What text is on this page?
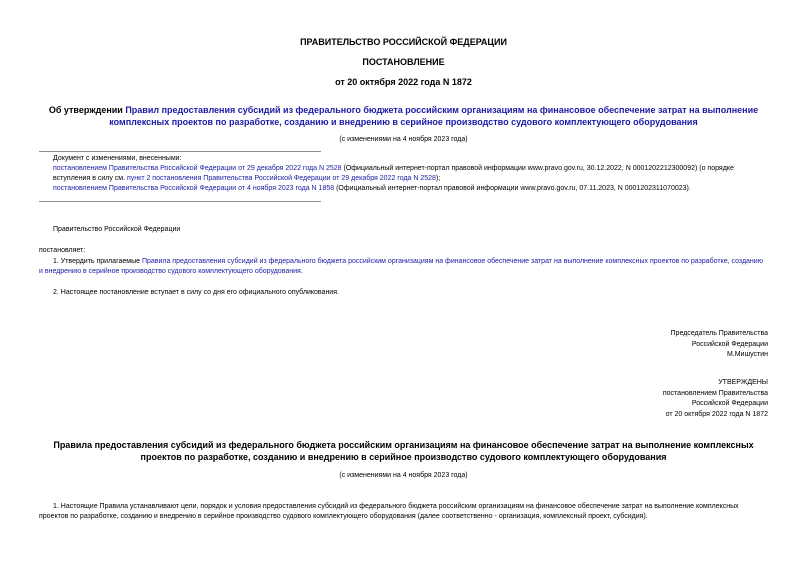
ПРАВИТЕЛЬСТВО РОССИЙСКОЙ ФЕДЕРАЦИИ
ПОСТАНОВЛЕНИЕ
от 20 октября 2022 года N 1872
Об утверждении Правил предоставления субсидий из федерального бюджета российским организациям на финансовое обеспечение затрат на выполнение комплексных проектов по разработке, созданию и внедрению в серийное производство судового комплектующего оборудования
(с изменениями на 4 ноября 2023 года)
Документ с изменениями, внесенными:
постановлением Правительства Российской Федерации от 29 декабря 2022 года N 2528 (Официальный интернет-портал правовой информации www.pravo.gov.ru, 30.12.2022, N 0001202212300092) (о порядке вступления в силу см. пункт 2 постановления Правительства Российской Федерации от 29 декабря 2022 года N 2528);
постановлением Правительства Российской Федерации от 4 ноября 2023 года N 1858 (Официальный интернет-портал правовой информации www.pravo.gov.ru, 07.11.2023, N 0001202311070023).
Правительство Российской Федерации
постановляет:
1. Утвердить прилагаемые Правила предоставления субсидий из федерального бюджета российским организациям на финансовое обеспечение затрат на выполнение комплексных проектов по разработке, созданию и внедрению в серийное производство судового комплектующего оборудования.
2. Настоящее постановление вступает в силу со дня его официального опубликования.
Председатель Правительства
Российской Федерации
М.Мишустин
УТВЕРЖДЕНЫ
постановлением Правительства
Российской Федерации
от 20 октября 2022 года N 1872
Правила предоставления субсидий из федерального бюджета российским организациям на финансовое обеспечение затрат на выполнение комплексных проектов по разработке, созданию и внедрению в серийное производство судового комплектующего оборудования
(с изменениями на 4 ноября 2023 года)
1. Настоящие Правила устанавливают цели, порядок и условия предоставления субсидий из федерального бюджета российским организациям на финансовое обеспечение затрат на выполнение комплексных проектов по разработке, созданию и внедрению в серийное производство судового комплектующего оборудования (далее соответственно - организация, комплексный проект, субсидия).
